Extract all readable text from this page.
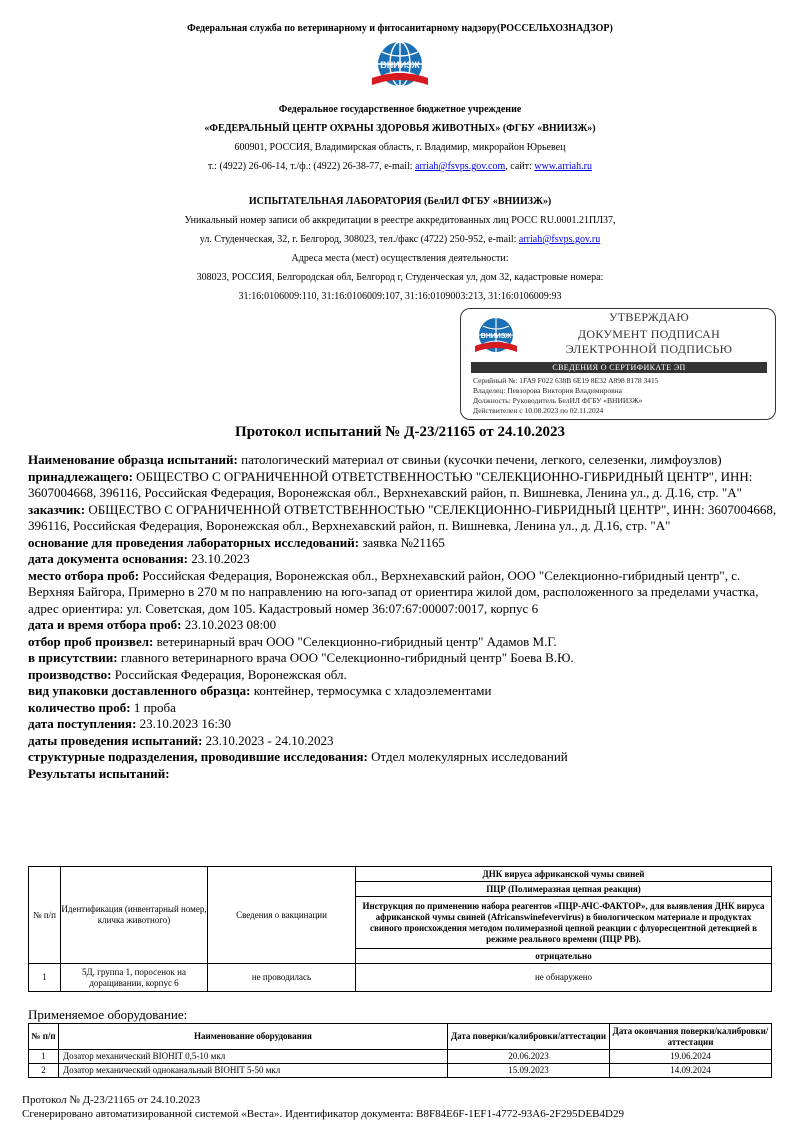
Федеральная служба по ветеринарному и фитосанитарному надзору(РОССЕЛЬХОЗНАДЗОР)
ВНИИЗЖ
Федеральное государственное бюджетное учреждение
«ФЕДЕРАЛЬНЫЙ ЦЕНТР ОХРАНЫ ЗДОРОВЬЯ ЖИВОТНЫХ» (ФГБУ «ВНИИЗЖ»)
600901, РОССИЯ, Владимирская область, г. Владимир, микрорайон Юрьевец
т.: (4922) 26-06-14, т./ф.: (4922) 26-38-77, e-mail: arriah@fsvps.gov.com, сайт: www.arriah.ru
ИСПЫТАТЕЛЬНАЯ ЛАБОРАТОРИЯ (БелИЛ ФГБУ «ВНИИЗЖ»)
Уникальный номер записи об аккредитации в реестре аккредитованных лиц РОСС RU.0001.21ПЛ37,
ул. Студенческая, 32, г. Белгород, 308023, тел./факс (4722) 250-952, e-mail: arriah@fsvps.gov.ru
Адреса места (мест) осуществления деятельности:
308023, РОССИЯ, Белгородская обл, Белгород г, Студенческая ул, дом 32, кадастровые номера:
31:16:0106009:110, 31:16:0106009:107, 31:16:0109003:213, 31:16:0106009:93
ВНИИЗЖ
УТВЕРЖДАЮ
ДОКУМЕНТ ПОДПИСАН
ЭЛЕКТРОННОЙ ПОДПИСЬЮ
СВЕДЕНИЯ О СЕРТИФИКАТЕ ЭП
Серийный №: 1FA9 F022 638B 6E19 8E32 A898 8178 3415
Владелец: Певзорова Виктория Владимировна
Должность: Руководитель БелИЛ ФГБУ «ВНИИЗЖ»
Действителен с 10.08.2023 по 02.11.2024
Протокол испытаний № Д-23/21165 от 24.10.2023

Наименование образца испытаний: патологический материал от свиньи (кусочки печени, легкого, селезенки, лимфоузлов)

принадлежащего: ОБЩЕСТВО С ОГРАНИЧЕННОЙ ОТВЕТСТВЕННОСТЬЮ "СЕЛЕКЦИОННО-ГИБРИДНЫЙ ЦЕНТР", ИНН: 3607004668, 396116, Российская Федерация, Воронежская обл., Верхнехавский район, п. Вишневка, Ленина ул., д. Д.16, стр. "А"

заказчик: ОБЩЕСТВО С ОГРАНИЧЕННОЙ ОТВЕТСТВЕННОСТЬЮ "СЕЛЕКЦИОННО-ГИБРИДНЫЙ ЦЕНТР", ИНН: 3607004668, 396116, Российская Федерация, Воронежская обл., Верхнехавский район, п. Вишневка, Ленина ул., д. Д.16, стр. "А"

основание для проведения лабораторных исследований: заявка №21165

дата документа основания: 23.10.2023

место отбора проб: Российская Федерация, Воронежская обл., Верхнехавский район, ООО "Селекционно-гибридный центр", с. Верхняя Байгора, Примерно в 270 м по направлению на юго-запад от ориентира жилой дом, расположенного за пределами участка, адрес ориентира: ул. Советская, дом 105. Кадастровый номер 36:07:67:00007:0017, корпус 6

дата и время отбора проб: 23.10.2023 08:00

отбор проб произвел: ветеринарный врач ООО "Селекционно-гибридный центр" Адамов М.Г.

в присутствии: главного ветеринарного врача ООО "Селекционно-гибридный центр" Боева В.Ю.

производство: Российская Федерация, Воронежская обл.

вид упаковки доставленного образца: контейнер, термосумка с хладоэлементами

количество проб: 1 проба

дата поступления: 23.10.2023 16:30

даты проведения испытаний: 23.10.2023 - 24.10.2023

структурные подразделения, проводившие исследования: Отдел молекулярных исследований

Результаты испытаний:

№ п/п	Идентификация (инвентарный номер, кличка животного)	Сведения о вакцинации	ДНК вируса африканской чумы свиней
			ПЦР (Полимеразная цепная реакция)
			Инструкция по применению набора реагентов «ПЦР-АЧС-ФАКТОР», для выявления ДНК вируса африканской чумы свиней (Africanswinefevervirus) в биологическом материале и продуктах свиного происхождения методом полимеразной цепной реакции с флуоресцентной детекцией в режиме реального времени (ПЦР РВ).
			отрицательно
1	5Д, группа 1, поросенок на доращивании, корпус 6	не проводилась	не обнаружено
Применяемое оборудование:
№ п/п	Наименование оборудования	Дата поверки/калибровки/аттестации	Дата окончания поверки/калибровки/аттестации
1	Дозатор механический BIOHIT 0,5-10 мкл	20.06.2023	19.06.2024
2	Дозатор механический одноканальный BIOHIT 5-50 мкл	15.09.2023	14.09.2024
Протокол № Д-23/21165 от 24.10.2023
Сгенерировано автоматизированной системой «Веста». Идентификатор документа: B8F84E6F-1EF1-4772-93A6-2F295DEB4D29
